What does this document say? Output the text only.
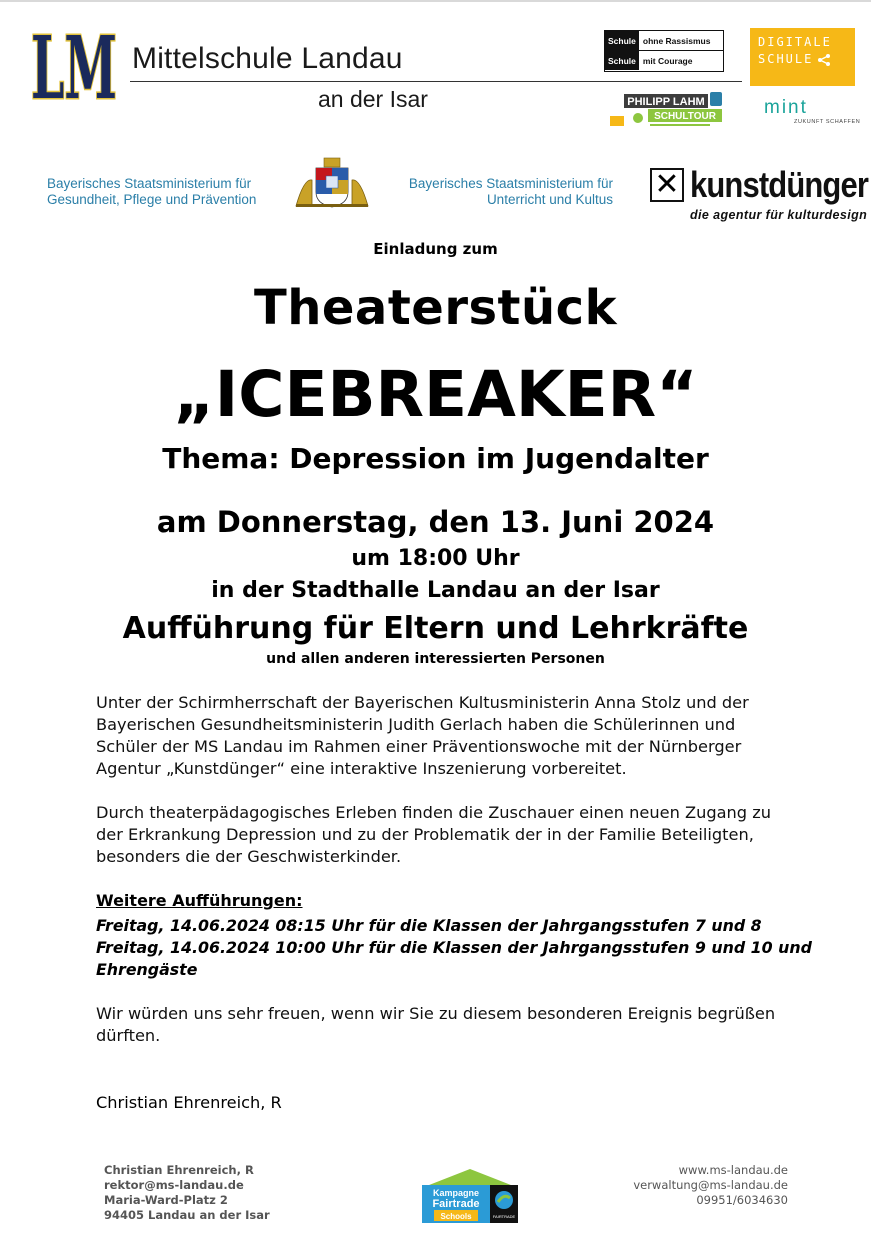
LM Mittelschule Landau
an der Isar
Schule ohne Rassismus
Schule mit Courage
DIGITALE
SCHULE
PHILIPP LAHM
SCHULTOUR	mint
ZUKUNFT SCHAFFEN
Bayerisches Staatsministerium für
Gesundheit, Pflege und Prävention
Bayerisches Staatsministerium für
Unterricht und Kultus ✕ kunstdünger
die agentur für kulturdesign
Einladung zum
Theaterstück
„ICEBREAKER“
Thema: Depression im Jugendalter
am Donnerstag, den 13. Juni 2024
um 18:00 Uhr
in der Stadthalle Landau an der Isar
Aufführung für Eltern und Lehrkräfte
und allen anderen interessierten Personen
Unter der Schirmherrschaft der Bayerischen Kultusministerin Anna Stolz und der Bayerischen Gesundheitsministerin Judith Gerlach haben die Schülerinnen und Schüler der MS Landau im Rahmen einer Präventionswoche mit der Nürnberger Agentur „Kunstdünger“ eine interaktive Inszenierung vorbereitet.
Durch theaterpädagogisches Erleben finden die Zuschauer einen neuen Zugang zu der Erkrankung Depression und zu der Problematik der in der Familie Beteiligten, besonders die der Geschwisterkinder.
Weitere Aufführungen:
Freitag, 14.06.2024 08:15 Uhr für die Klassen der Jahrgangsstufen 7 und 8
Freitag, 14.06.2024 10:00 Uhr für die Klassen der Jahrgangsstufen 9 und 10 und Ehrengäste
Wir würden uns sehr freuen, wenn wir Sie zu diesem besonderen Ereignis begrüßen dürften.
Christian Ehrenreich, R
Christian Ehrenreich, R
rektor@ms-landau.de
Maria-Ward-Platz 2
94405 Landau an der Isar
Kampagne
Fairtrade
Schools	FAIRTRADE
www.ms-landau.de
verwaltung@ms-landau.de
09951/6034630
